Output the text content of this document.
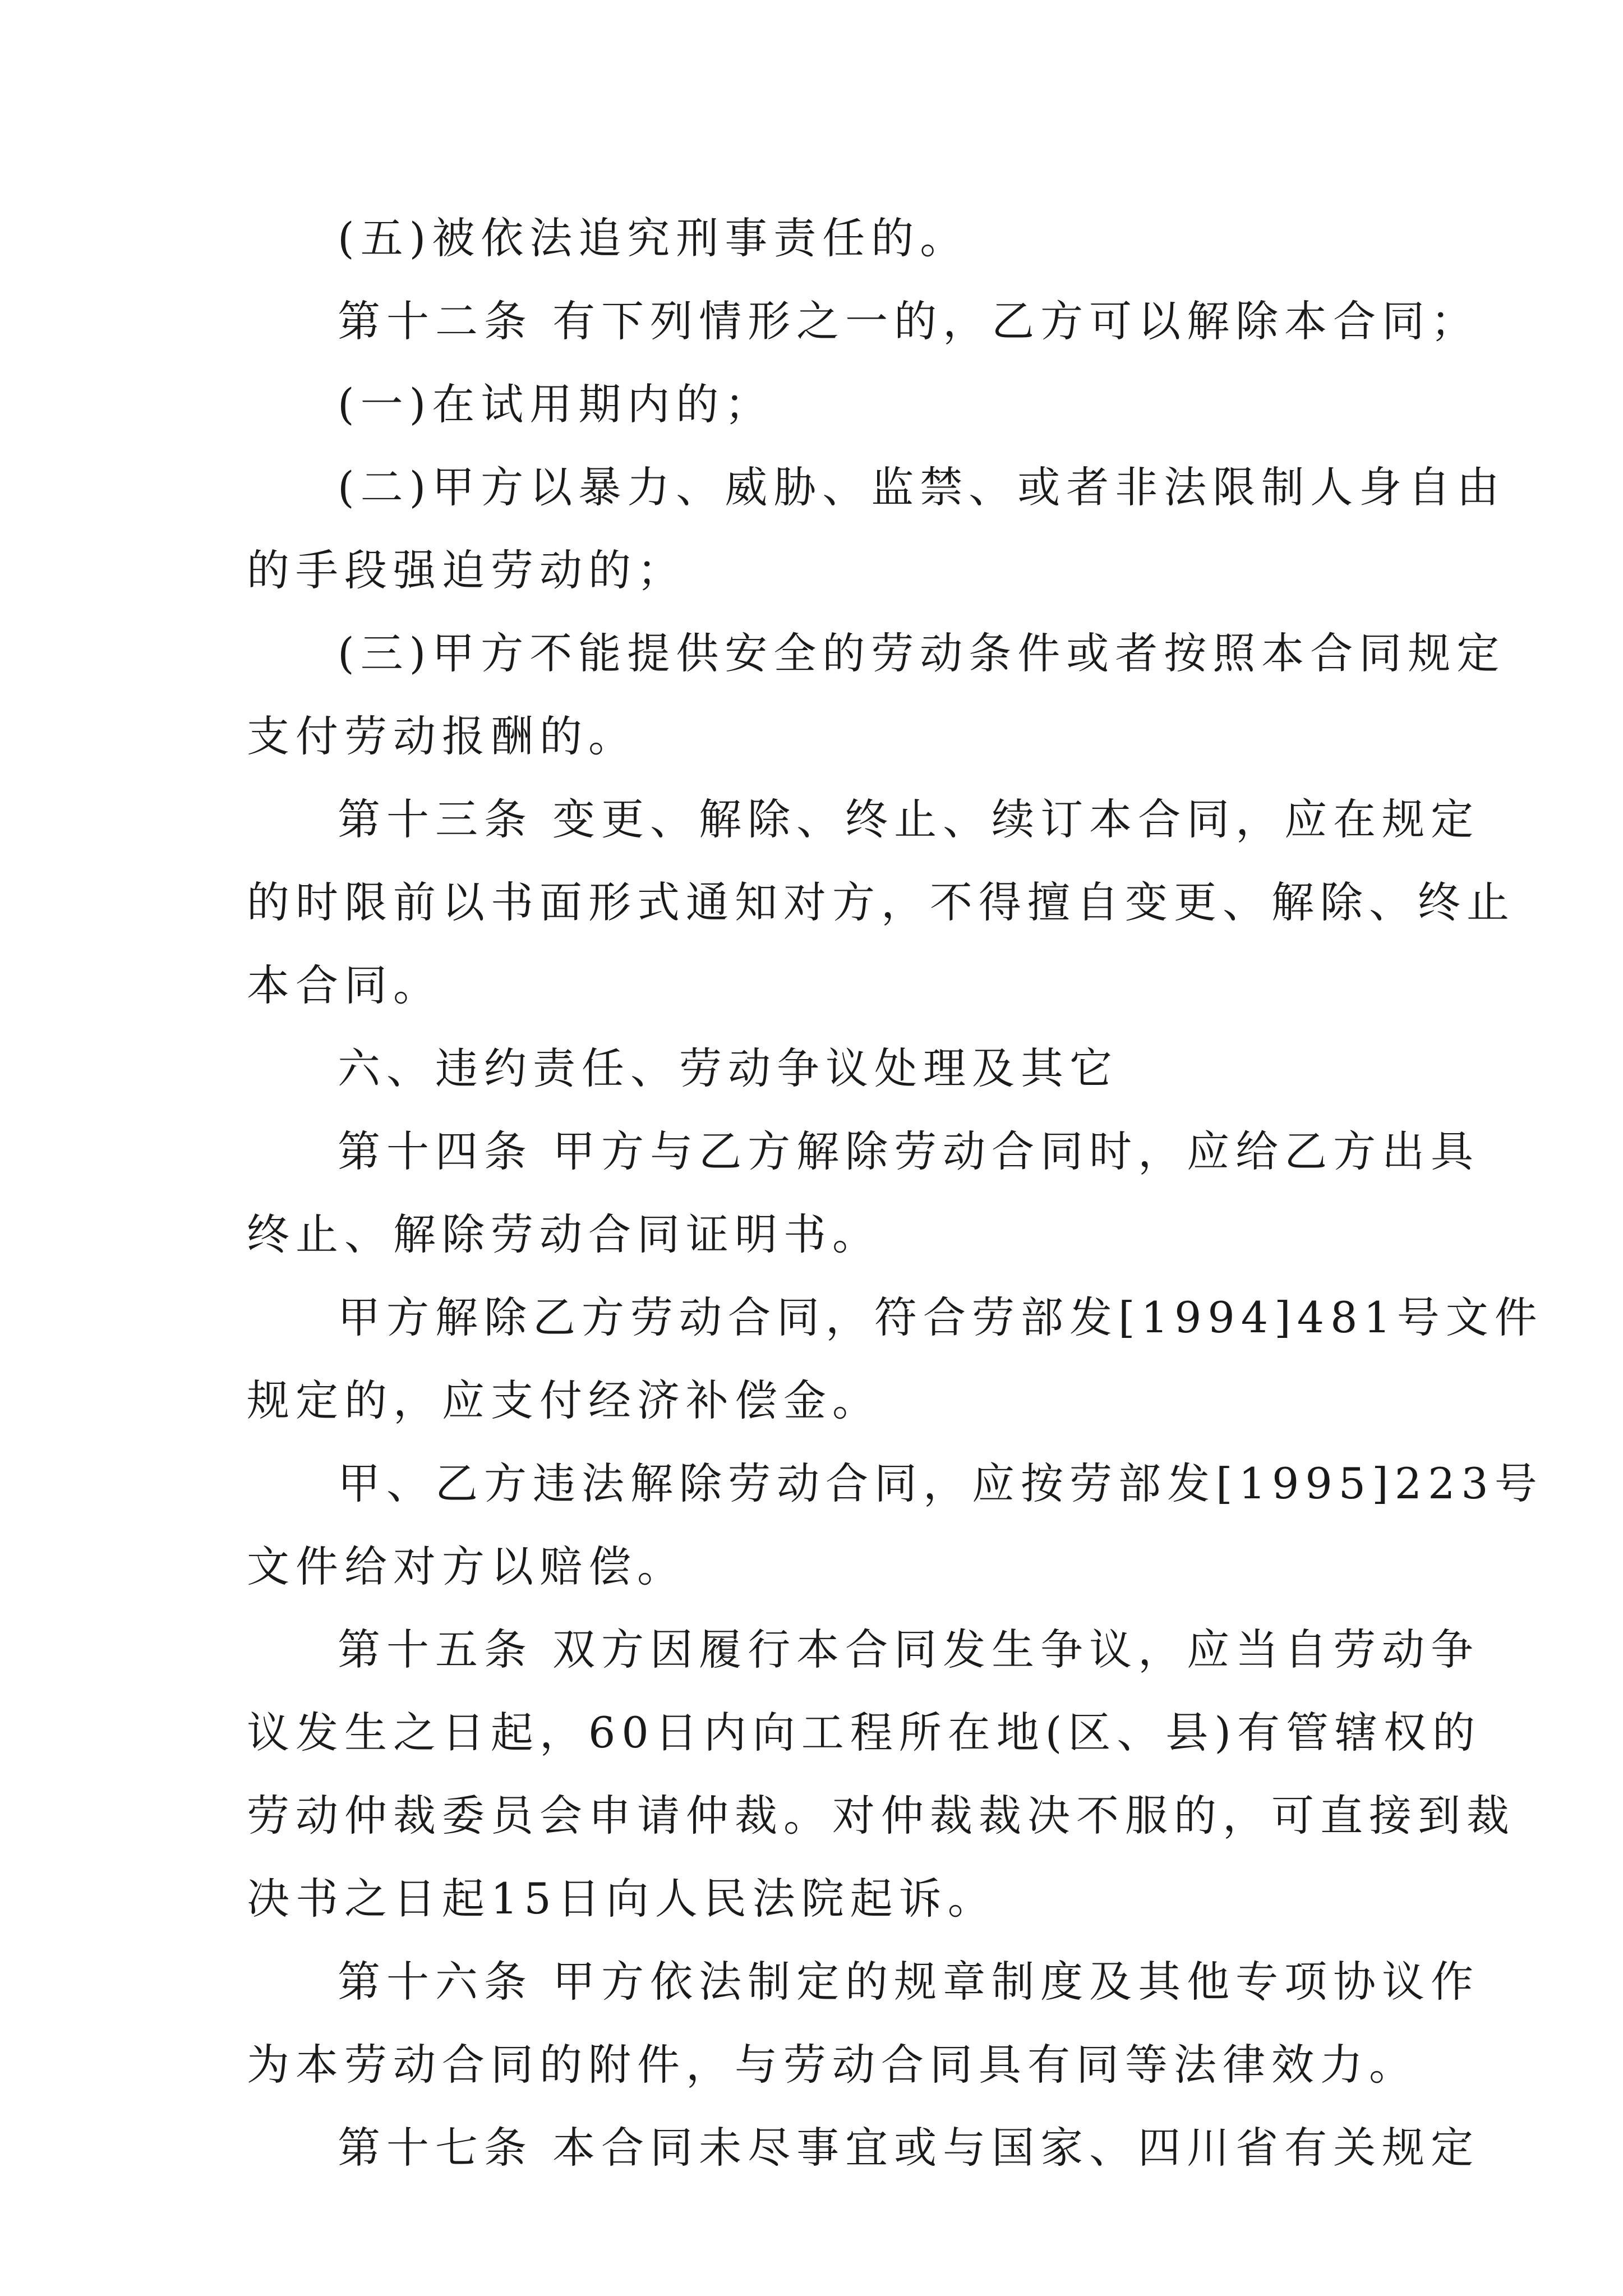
(五)被依法追究刑事责任的。
第十二条 有下列情形之一的，乙方可以解除本合同；
(一)在试用期内的；
(二)甲方以暴力、威胁、监禁、或者非法限制人身自由
的手段强迫劳动的；
(三)甲方不能提供安全的劳动条件或者按照本合同规定
支付劳动报酬的。
第十三条 变更、解除、终止、续订本合同，应在规定
的时限前以书面形式通知对方，不得擅自变更、解除、终止
本合同。
六、违约责任、劳动争议处理及其它
第十四条 甲方与乙方解除劳动合同时，应给乙方出具
终止、解除劳动合同证明书。
甲方解除乙方劳动合同，符合劳部发[1994]481号文件
规定的，应支付经济补偿金。
甲、乙方违法解除劳动合同，应按劳部发[1995]223号
文件给对方以赔偿。
第十五条 双方因履行本合同发生争议，应当自劳动争
议发生之日起，60日内向工程所在地(区、县)有管辖权的
劳动仲裁委员会申请仲裁。对仲裁裁决不服的，可直接到裁
决书之日起15日向人民法院起诉。
第十六条 甲方依法制定的规章制度及其他专项协议作
为本劳动合同的附件，与劳动合同具有同等法律效力。
第十七条 本合同未尽事宜或与国家、四川省有关规定
